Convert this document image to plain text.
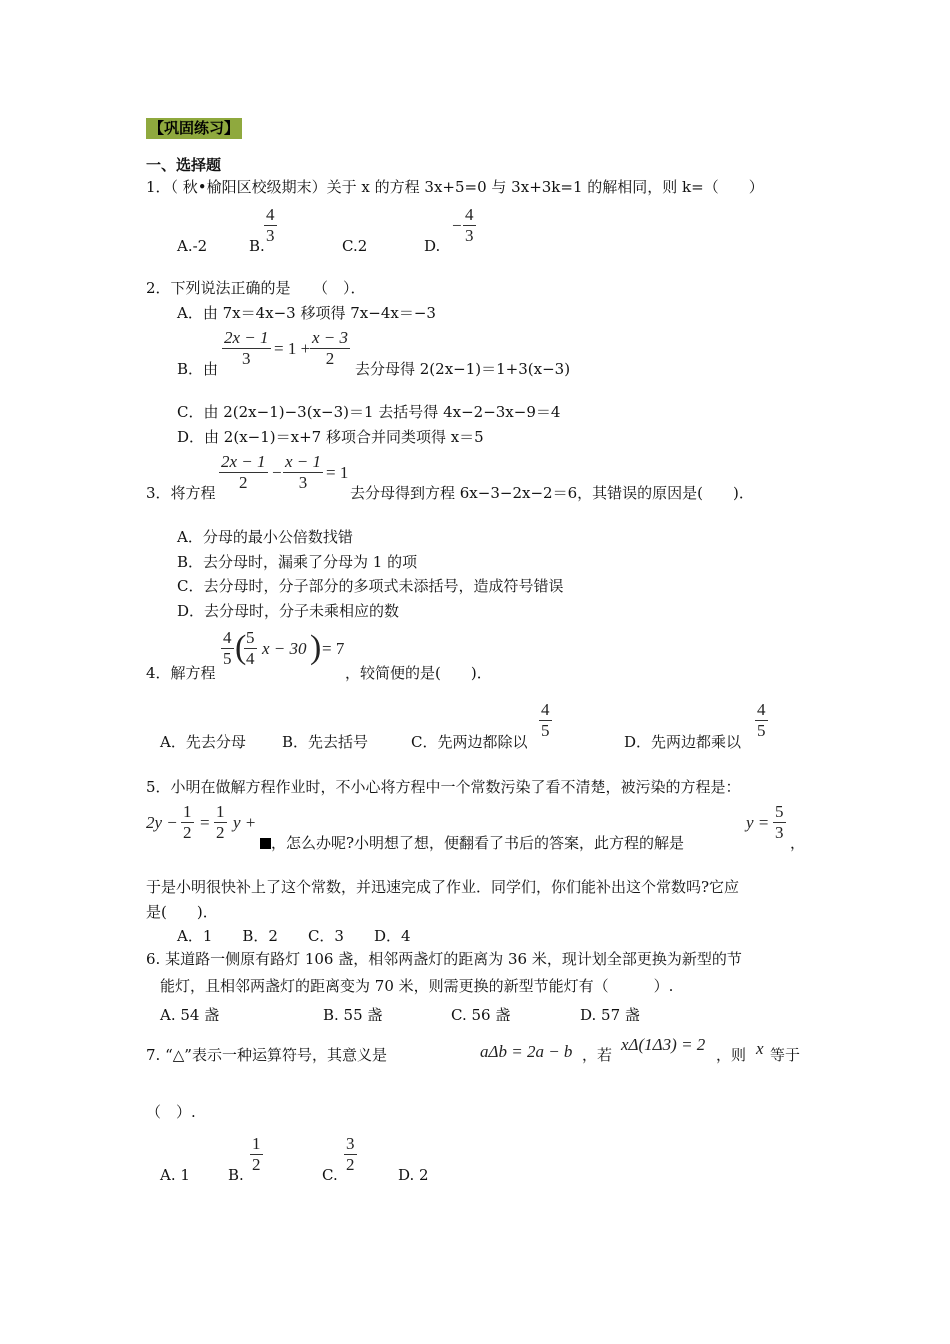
【巩固练习】
一、选择题
1．（ 秋•榆阳区校级期末）关于 x 的方程 3x+5=0 与 3x+3k=1 的解相同，则 k=（　　）
A.-2	B.
4
3
C.2	D.
−
4
3
2．下列说法正确的是　　（　）．
A．由 7x＝4x−3 移项得 7x−4x＝−3
B．由
2x − 1
3
= 1 +
x − 3
2
去分母得 2(2x−1)＝1+3(x−3)
C．由 2(2x−1)−3(x−3)＝1 去括号得 4x−2−3x−9＝4
D．由 2(x−1)＝x+7 移项合并同类项得 x＝5
2x − 1
2
−
x − 1
3
= 1
3．将方程	去分母得到方程 6x−3−2x−2＝6，其错误的原因是(　　)．
A．分母的最小公倍数找错
B．去分母时，漏乘了分母为 1 的项
C．去分母时，分子部分的多项式未添括号，造成符号错误
D．去分母时，分子未乘相应的数
4
5 ( 5
4
x − 30 ) = 7
4．解方程	，较简便的是(　　)．
A．先去分母 B．先去括号	C．先两边都除以
4
5
D．先两边都乘以
4
5
5．小明在做解方程作业时，不小心将方程中一个常数污染了看不清楚，被污染的方程是：
2y −
1
2
=
1
2
y +
，怎么办呢?小明想了想，便翻看了书后的答案，此方程的解是
y =
5
3
，
于是小明很快补上了这个常数，并迅速完成了作业．同学们，你们能补出这个常数吗?它应
是(　　)．
A．1　　B．2　　C．3　　D．4
6. 某道路一侧原有路灯 106 盏，相邻两盏灯的距离为 36 米，现计划全部更换为新型的节
能灯，且相邻两盏灯的距离变为 70 米，则需更换的新型节能灯有（　　　）.
A. 54 盏	B. 55 盏	C. 56 盏	D. 57 盏
7. “△”表示一种运算符号，其意义是	aΔb = 2a − b ，若
xΔ(1Δ3) = 2
，则 x 等于
（　）.
A. 1	B.
1
2
C.
3
2
D. 2
